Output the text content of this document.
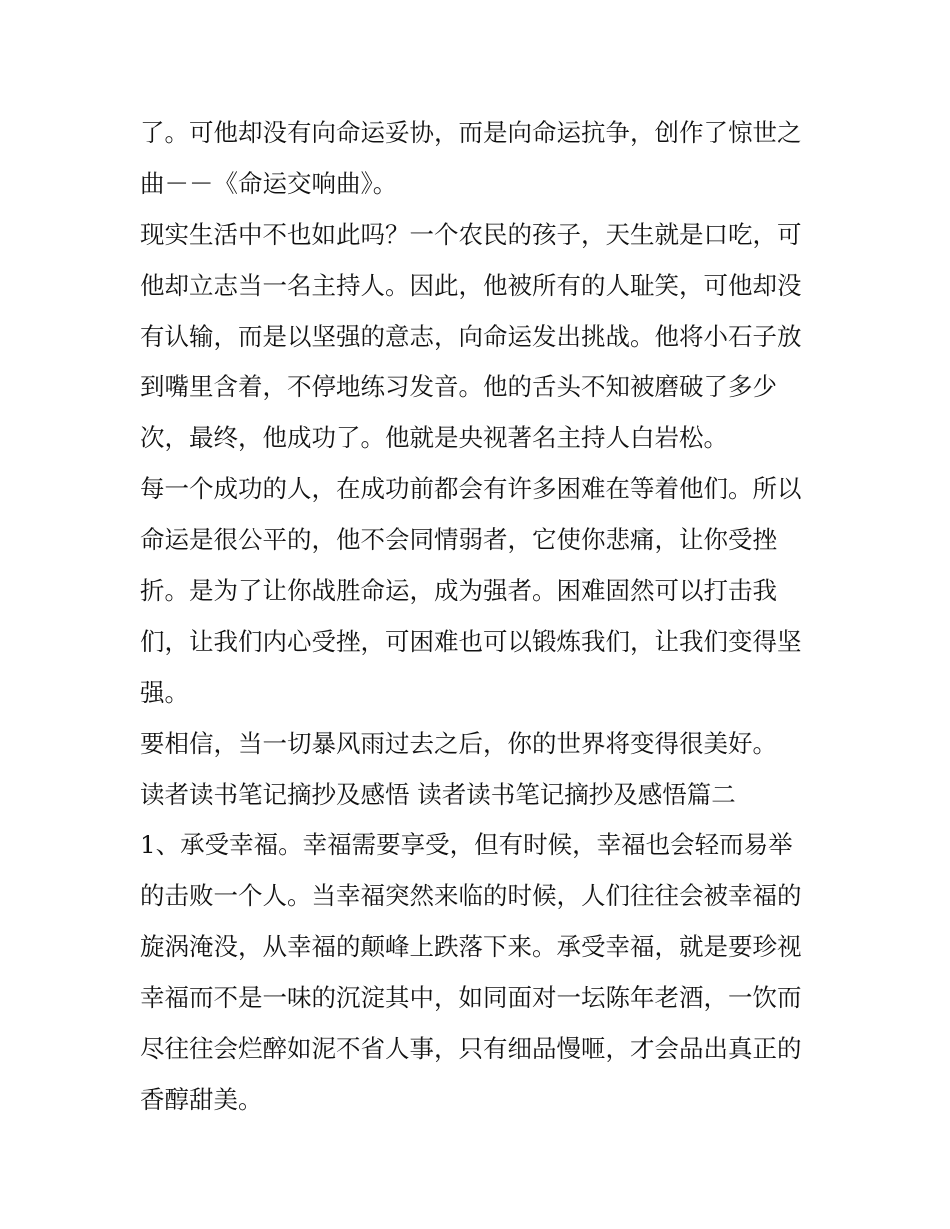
了。可他却没有向命运妥协，而是向命运抗争，创作了惊世之
曲－－《命运交响曲》。
现实生活中不也如此吗？一个农民的孩子，天生就是口吃，可
他却立志当一名主持人。因此，他被所有的人耻笑，可他却没
有认输，而是以坚强的意志，向命运发出挑战。他将小石子放
到嘴里含着，不停地练习发音。他的舌头不知被磨破了多少
次，最终，他成功了。他就是央视著名主持人白岩松。
每一个成功的人，在成功前都会有许多困难在等着他们。所以
命运是很公平的，他不会同情弱者，它使你悲痛，让你受挫
折。是为了让你战胜命运，成为强者。困难固然可以打击我
们，让我们内心受挫，可困难也可以锻炼我们，让我们变得坚
强。
要相信，当一切暴风雨过去之后，你的世界将变得很美好。
读者读书笔记摘抄及感悟 读者读书笔记摘抄及感悟篇二
1、承受幸福。幸福需要享受，但有时候，幸福也会轻而易举
的击败一个人。当幸福突然来临的时候，人们往往会被幸福的
旋涡淹没，从幸福的颠峰上跌落下来。承受幸福，就是要珍视
幸福而不是一味的沉淀其中，如同面对一坛陈年老酒，一饮而
尽往往会烂醉如泥不省人事，只有细品慢咂，才会品出真正的
香醇甜美。
